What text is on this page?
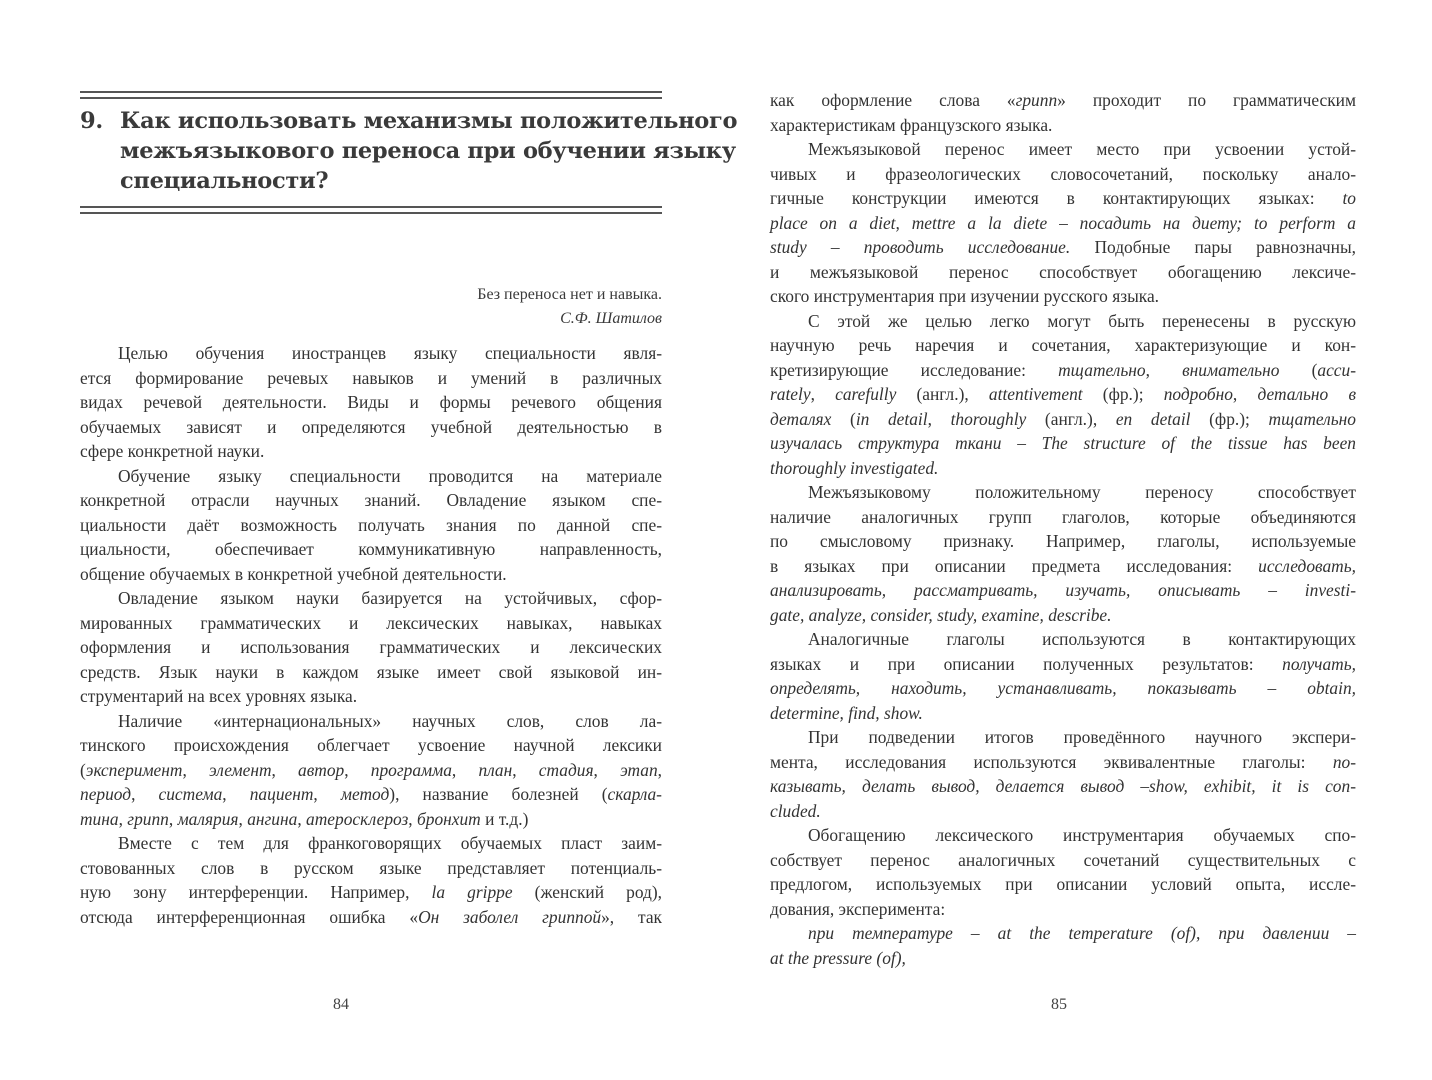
9. Как использовать механизмы положительного
межъязыкового переноса при обучении языку
специальности?
Без переноса нет и навыка.
С.Ф. Шатилов
Целью обучения иностранцев языку специальности явля-
ется формирование речевых навыков и умений в различных
видах речевой деятельности. Виды и формы речевого общения
обучаемых зависят и определяются учебной деятельностью в
сфере конкретной науки.
Обучение языку специальности проводится на материале
конкретной отрасли научных знаний. Овладение языком спе-
циальности даёт возможность получать знания по данной спе-
циальности, обеспечивает коммуникативную направленность,
общение обучаемых в конкретной учебной деятельности.
Овладение языком науки базируется на устойчивых, сфор-
мированных грамматических и лексических навыках, навыках
оформления и использования грамматических и лексических
средств. Язык науки в каждом языке имеет свой языковой ин-
струментарий на всех уровнях языка.
Наличие «интернациональных» научных слов, слов ла-
тинского происхождения облегчает усвоение научной лексики
(эксперимент, элемент, автор, программа, план, стадия, этап,
период, система, пациент, метод), название болезней (скарла-
тина, грипп, малярия, ангина, атеросклероз, бронхит и т.д.)
Вместе с тем для франкоговорящих обучаемых пласт заим-
стовованных слов в русском языке представляет потенциаль-
ную зону интерференции. Например, la gripре (женский род),
отсюда интерференционная ошибка «Он заболел гриппой», так
84
как оформление слова «грипп» проходит по грамматическим
характеристикам французского языка.
Межъязыковой перенос имеет место при усвоении устой-
чивых и фразеологических словосочетаний, поскольку анало-
гичные конструкции имеются в контактирующих языках: to
place on a diet, mettre a la diete – посадить на диету; to perform a
study – проводить исследование. Подобные пары равнозначны,
и межъязыковой перенос способствует обогащению лексиче-
ского инструментария при изучении русского языка.
С этой же целью легко могут быть перенесены в русскую
научную речь наречия и сочетания, характеризующие и кон-
кретизирующие исследование: тщательно, внимательно (accu-
rately, carefully (англ.), attentivement (фр.); подробно, детально в
деталях (in detail, thoroughly (англ.), en detail (фр.); тщательно
изучалась структура ткани – The structure of the tissue has been
thoroughly investigated.
Межъязыковому положительному переносу способствует
наличие аналогичных групп глаголов, которые объединяются
по смысловому признаку. Например, глаголы, используемые
в языках при описании предмета исследования: исследовать,
анализировать, рассматривать, изучать, описывать – investi-
gate, analyze, consider, study, examine, describe.
Аналогичные глаголы используются в контактирующих
языках и при описании полученных результатов: получать,
определять, находить, устанавливать, показывать – obtain,
determine, find, show.
При подведении итогов проведённого научного экспери-
мента, исследования используются эквивалентные глаголы: по-
казывать, делать вывод, делается вывод –show, exhibit, it is con-
cluded.
Обогащению лексического инструментария обучаемых спо-
собствует перенос аналогичных сочетаний существительных с
предлогом, используемых при описании условий опыта, иссле-
дования, эксперимента:
при температуре – at the temperature (of), при давлении –
at the pressure (of),
85
